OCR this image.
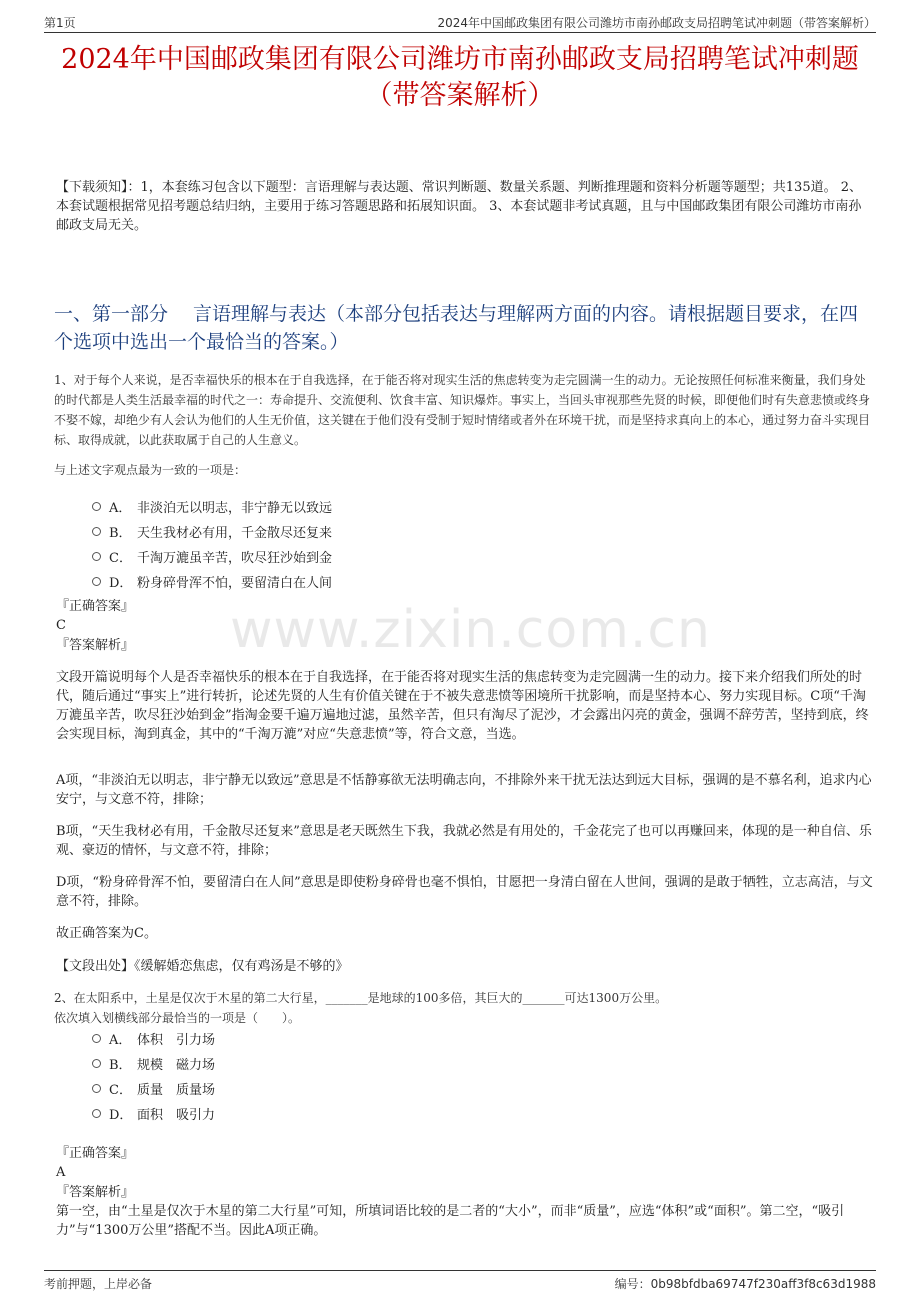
第1页	2024年中国邮政集团有限公司潍坊市南孙邮政支局招聘笔试冲刺题（带答案解析）
2024年中国邮政集团有限公司潍坊市南孙邮政支局招聘笔试冲刺题（带答案解析）
【下载须知】：1，本套练习包含以下题型：言语理解与表达题、常识判断题、数量关系题、判断推理题和资料分析题等题型；共135道。 2、本套试题根据常见招考题总结归纳，主要用于练习答题思路和拓展知识面。 3、本套试题非考试真题，且与中国邮政集团有限公司潍坊市南孙邮政支局无关。
一、第一部分　 言语理解与表达（本部分包括表达与理解两方面的内容。请根据题目要求，在四个选项中选出一个最恰当的答案。）
1、对于每个人来说，是否幸福快乐的根本在于自我选择，在于能否将对现实生活的焦虑转变为走完圆满一生的动力。无论按照任何标准来衡量，我们身处的时代都是人类生活最幸福的时代之一：寿命提升、交流便利、饮食丰富、知识爆炸。事实上，当回头审视那些先贤的时候，即便他们时有失意悲愤或终身不娶不嫁，却绝少有人会认为他们的人生无价值，这关键在于他们没有受制于短时情绪或者外在环境干扰，而是坚持求真向上的本心，通过努力奋斗实现目标、取得成就，以此获取属于自己的人生意义。
与上述文字观点最为一致的一项是：
A． 非淡泊无以明志，非宁静无以致远
B． 天生我材必有用，千金散尽还复来
C． 千淘万漉虽辛苦，吹尽狂沙始到金
D． 粉身碎骨浑不怕，要留清白在人间
『正确答案』
C
『答案解析』 www.zixin.com.cn
文段开篇说明每个人是否幸福快乐的根本在于自我选择，在于能否将对现实生活的焦虑转变为走完圆满一生的动力。接下来介绍我们所处的时代，随后通过“事实上”进行转折，论述先贤的人生有价值关键在于不被失意悲愤等困境所干扰影响，而是坚持本心、努力实现目标。C项“千淘万漉虽辛苦，吹尽狂沙始到金”指淘金要千遍万遍地过滤，虽然辛苦，但只有淘尽了泥沙，才会露出闪亮的黄金，强调不辞劳苦，坚持到底，终会实现目标，淘到真金，其中的“千淘万漉”对应“失意悲愤”等，符合文意，当选。
A项，“非淡泊无以明志，非宁静无以致远”意思是不恬静寡欲无法明确志向，不排除外来干扰无法达到远大目标，强调的是不慕名利，追求内心安宁，与文意不符，排除；
B项，“天生我材必有用，千金散尽还复来”意思是老天既然生下我，我就必然是有用处的，千金花完了也可以再赚回来，体现的是一种自信、乐观、豪迈的情怀，与文意不符，排除；
D项，“粉身碎骨浑不怕，要留清白在人间”意思是即使粉身碎骨也毫不惧怕，甘愿把一身清白留在人世间，强调的是敢于牺牲，立志高洁，与文意不符，排除。
故正确答案为C。
【文段出处】《缓解婚恋焦虑，仅有鸡汤是不够的》
2、在太阳系中，土星是仅次于木星的第二大行星，_______是地球的100多倍，其巨大的_______可达1300万公里。
依次填入划横线部分最恰当的一项是（　　）。
A． 体积　引力场
B． 规模　磁力场
C． 质量　质量场
D． 面积　吸引力
『正确答案』
A
『答案解析』
第一空，由“土星是仅次于木星的第二大行星”可知，所填词语比较的是二者的“大小”，而非“质量”，应选“体积”或“面积”。第二空，“吸引力”与“1300万公里”搭配不当。因此A项正确。
考前押题，上岸必备	编号：0b98bfdba69747f230aff3f8c63d1988
